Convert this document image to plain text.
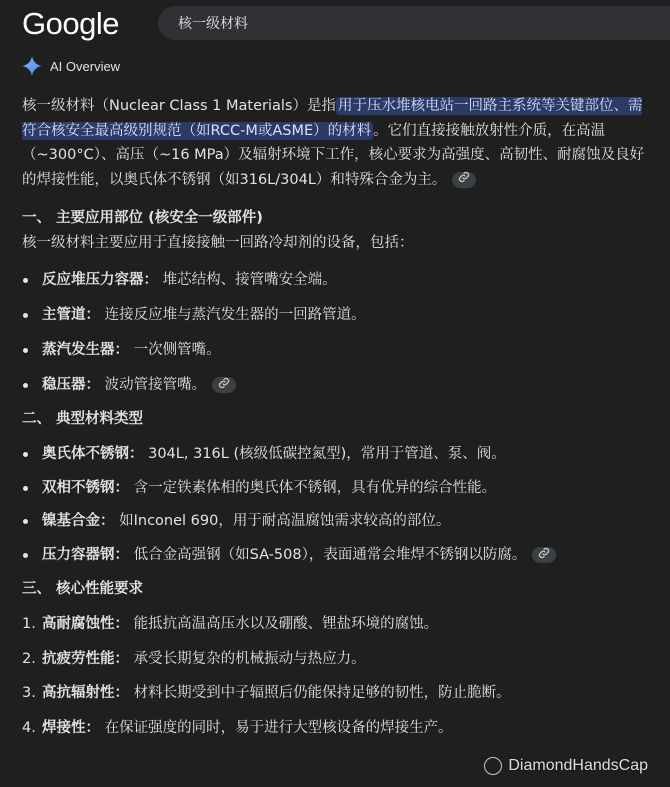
Google	核一级材料
AI Overview

核一级材料（Nuclear Class 1 Materials）是指 用于压水堆核电站一回路主系统等关键部位、需符合核安全最高级别规范（如RCC-M或ASME）的材料 。它们直接接触放射性介质，在高温（~300°C）、高压（~16 MPa）及辐射环境下工作，核心要求为高强度、高韧性、耐腐蚀及良好的焊接性能，以奥氏体不锈钢（如316L/304L）和特殊合金为主。

一、 主要应用部位 (核安全一级部件)
核一级材料主要应用于直接接触一回路冷却剂的设备，包括：
反应堆压力容器： 堆芯结构、接管嘴安全端。
主管道： 连接反应堆与蒸汽发生器的一回路管道。
蒸汽发生器： 一次侧管嘴。
稳压器： 波动管接管嘴。
二、 典型材料类型
奥氏体不锈钢： 304L, 316L (核级低碳控氮型)，常用于管道、泵、阀。
双相不锈钢： 含一定铁素体相的奥氏体不锈钢，具有优异的综合性能。
镍基合金： 如Inconel 690，用于耐高温腐蚀需求较高的部位。
压力容器钢： 低合金高强钢（如SA-508），表面通常会堆焊不锈钢以防腐。
三、 核心性能要求
1. 高耐腐蚀性： 能抵抗高温高压水以及硼酸、锂盐环境的腐蚀。
2. 抗疲劳性能： 承受长期复杂的机械振动与热应力。
3. 高抗辐射性： 材料长期受到中子辐照后仍能保持足够的韧性，防止脆断。
4. 焊接性： 在保证强度的同时，易于进行大型核设备的焊接生产。
DiamondHandsCap
